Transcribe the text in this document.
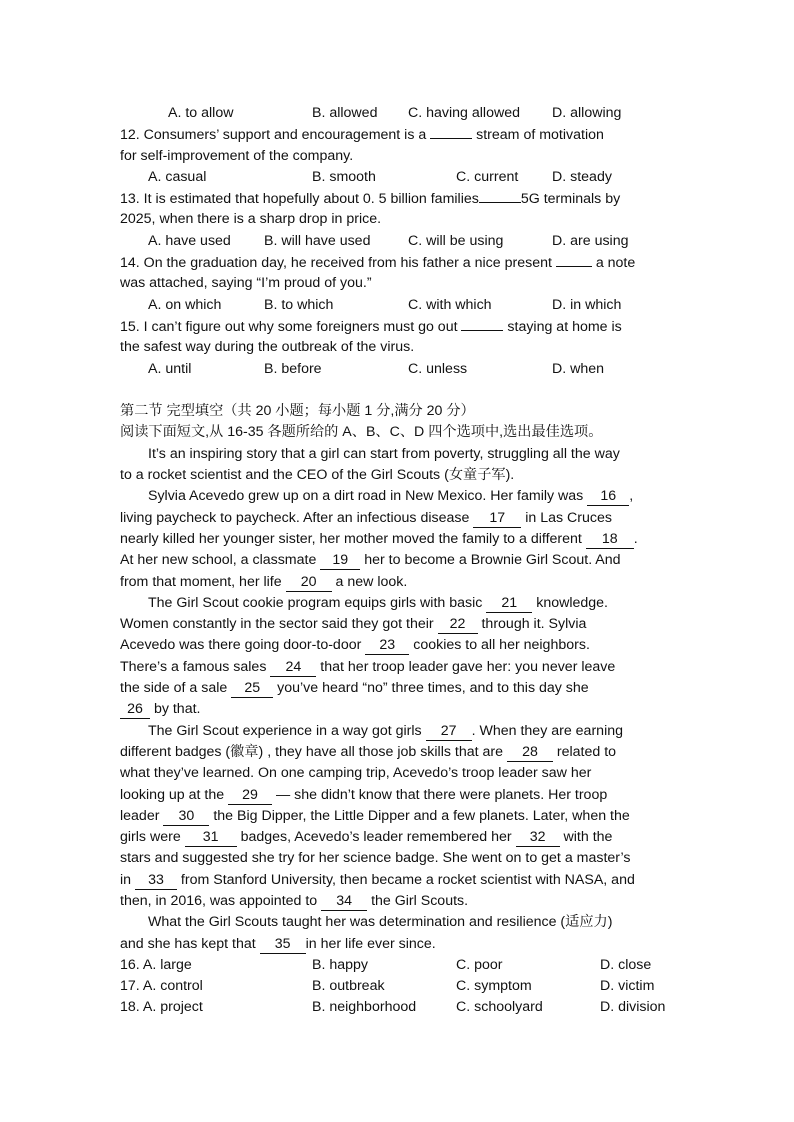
A. to allow	B. allowed C. having allowed D. allowing
12. Consumers’ support and encouragement is a	stream of motivation
for self-improvement of the company.
A. casual	B. smooth	C. current D. steady
13. It is estimated that hopefully about 0. 5 billion families	5G terminals by
2025, when there is a sharp drop in price.
A. have used B. will have used	C. will be using	D. are using
14. On the graduation day, he received from his father a nice present	a note
was attached, saying “I’m proud of you.”
A. on which	B. to which	C. with which	D. in which
15. I can’t figure out why some foreigners must go out	staying at home is
the safest way during the outbreak of the virus.
A. until	B. before	C. unless	D. when
第二节 完型填空（共 20 小题；每小题 1 分,满分 20 分）
阅读下面短文,从 16-35 各题所给的 A、B、C、D 四个选项中,选出最佳选项。
It’s an inspiring story that a girl can start from poverty, struggling all the way
to a rocket scientist and the CEO of the Girl Scouts (女童子军).
Sylvia Acevedo grew up on a dirt road in New Mexico. Her family was 16 ,
living paycheck to paycheck. After an infectious disease 17 in Las Cruces
nearly killed her younger sister, her mother moved the family to a different 18 .
At her new school, a classmate 19 her to become a Brownie Girl Scout. And
from that moment, her life 20 a new look.
The Girl Scout cookie program equips girls with basic 21 knowledge.
Women constantly in the sector said they got their 22 through it. Sylvia
Acevedo was there going door-to-door 23 cookies to all her neighbors.
There’s a famous sales 24 that her troop leader gave her: you never leave
the side of a sale 25 you’ve heard “no” three times, and to this day she
26 by that.
The Girl Scout experience in a way got girls 27 . When they are earning
different badges (徽章) , they have all those job skills that are 28 related to
what they’ve learned. On one camping trip, Acevedo’s troop leader saw her
looking up at the 29 — she didn’t know that there were planets. Her troop
leader 30 the Big Dipper, the Little Dipper and a few planets. Later, when the
girls were 31 badges, Acevedo’s leader remembered her 32 with the
stars and suggested she try for her science badge. She went on to get a master’s
in 33 from Stanford University, then became a rocket scientist with NASA, and
then, in 2016, was appointed to 34 the Girl Scouts.
What the Girl Scouts taught her was determination and resilience (适应力)
and she has kept that 35 in her life ever since.
16. A. large	B. happy	C. poor	D. close
17. A. control	B. outbreak	C. symptom	D. victim
18. A. project	B. neighborhood	C. schoolyard	D. division
